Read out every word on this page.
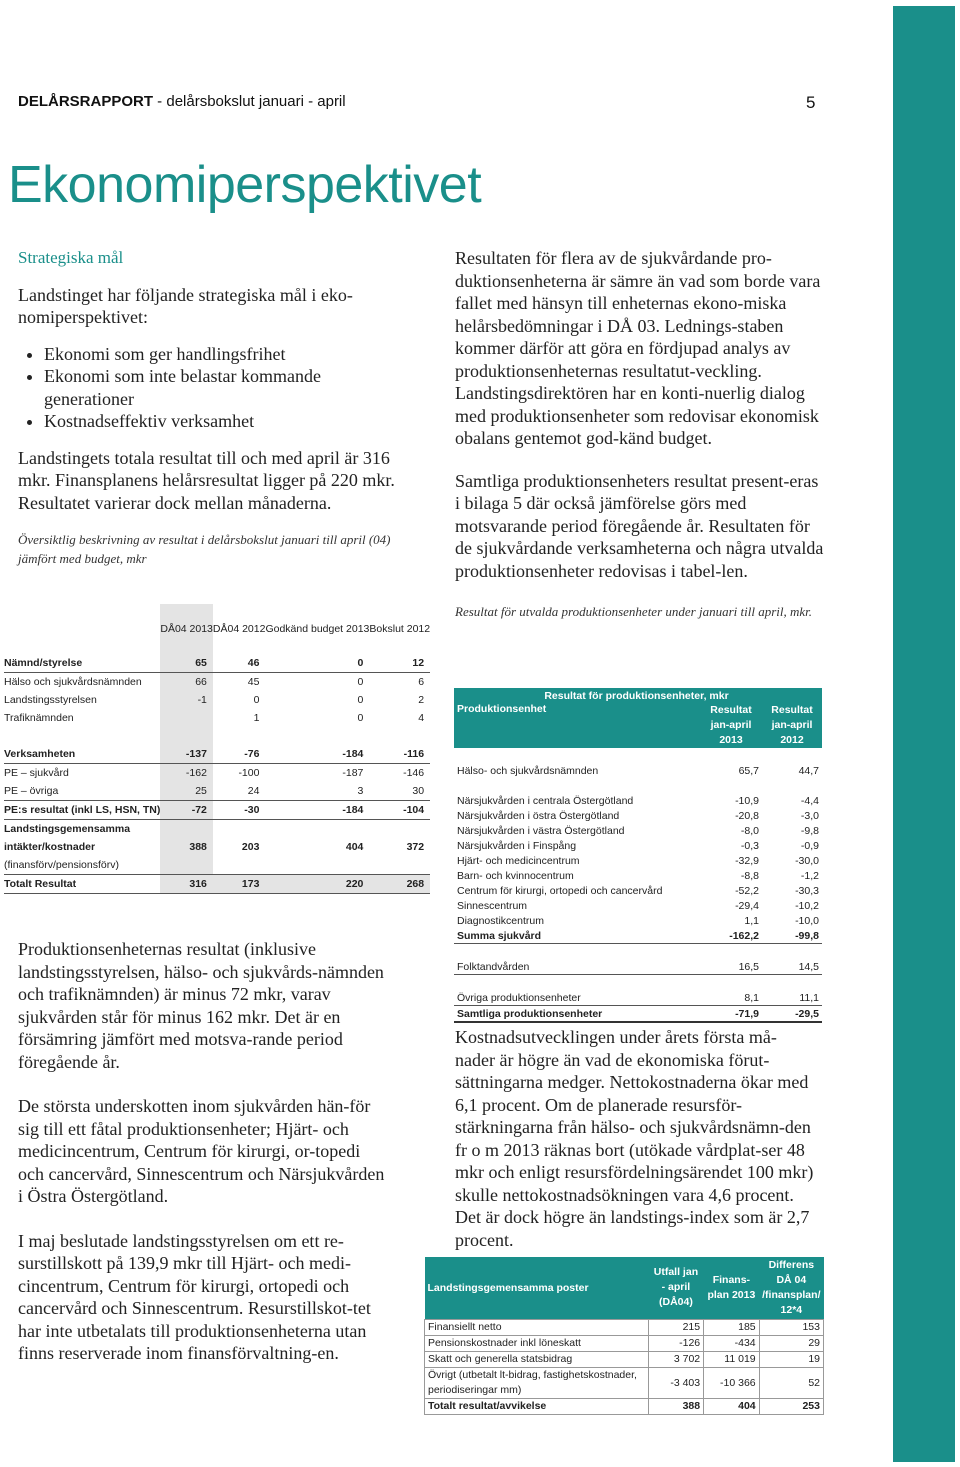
DELÅRSRAPPORT - delårsbokslut januari - april	5
Ekonomiperspektivet

Strategiska mål

Landstinget har följande strategiska mål i eko-nomiperspektivet:

• Ekonomi som ger handlingsfrihet
• Ekonomi som inte belastar kommande generationer
• Kostnadseffektiv verksamhet

Landstingets totala resultat till och med april är 316 mkr. Finansplanens helårsresultat ligger på 220 mkr. Resultatet varierar dock mellan månaderna.

Översiktlig beskrivning av resultat i delårsbokslut januari till april (04) jämfört med budget, mkr

	DÅ04 2013	DÅ04 2012	Godkänd budget 2013	Bokslut 2012
Nämnd/styrelse	65	46	0	12
Hälso och sjukvårdsnämnden	66	45	0	6
Landstingsstyrelsen	-1	0	0	2
Trafiknämnden		1	0	4

Verksamheten	-137	-76	-184	-116
PE – sjukvård	-162	-100	-187	-146
PE – övriga	25	24	3	30
PE:s resultat (inkl LS, HSN, TN)	-72	-30	-184	-104
Landstingsgemensamma				
intäkter/kostnader	388	203	404	372
(finansförv/pensionsförv)				
Totalt Resultat	316	173	220	268

Produktionsenheternas resultat (inklusive landstingsstyrelsen, hälso- och sjukvårds-nämnden och trafiknämnden) är minus 72 mkr, varav sjukvården står för minus 162 mkr. Det är en försämring jämfört med motsva-rande period föregående år.

De största underskotten inom sjukvården hän-för sig till ett fåtal produktionsenheter; Hjärt- och medicincentrum, Centrum för kirurgi, or-topedi och cancervård, Sinnescentrum och Närsjukvården i Östra Östergötland.

I maj beslutade landstingsstyrelsen om ett re-surstillskott på 139,9 mkr till Hjärt- och medi-cincentrum, Centrum för kirurgi, ortopedi och cancervård och Sinnescentrum. Resurstillskot-tet har inte utbetalats till produktionsenheterna utan finns reserverade inom finansförvaltning-en.

Resultaten för flera av de sjukvårdande pro-duktionsenheterna är sämre än vad som borde vara fallet med hänsyn till enheternas ekono-miska helårsbedömningar i DÅ 03. Lednings-staben kommer därför att göra en fördjupad analys av produktionsenheternas resultatut-veckling. Landstingsdirektören har en konti-nuerlig dialog med produktionsenheter som redovisar ekonomisk obalans gentemot god-känd budget.

Samtliga produktionsenheters resultat present-eras i bilaga 5 där också jämförelse görs med motsvarande period föregående år. Resultaten för de sjukvårdande verksamheterna och några utvalda produktionsenheter redovisas i tabel-len.

Resultat för utvalda produktionsenheter under januari till april, mkr.

Resultat för produktionsenheter, mkr		
Produktionsenhet	Resultat jan-april 2013	Resultat jan-april 2012

Hälso- och sjukvårdsnämnden	65,7	44,7

Närsjukvården i centrala Östergötland	-10,9	-4,4
Närsjukvården i östra Östergötland	-20,8	-3,0
Närsjukvården i västra Östergötland	-8,0	-9,8
Närsjukvården i Finspång	-0,3	-0,9
Hjärt- och medicincentrum	-32,9	-30,0
Barn- och kvinnocentrum	-8,8	-1,2
Centrum för kirurgi, ortopedi och cancervård	-52,2	-30,3
Sinnescentrum	-29,4	-10,2
Diagnostikcentrum	1,1	-10,0
Summa sjukvård	-162,2	-99,8

Folktandvården	16,5	14,5

Övriga produktionsenheter	8,1	11,1
Samtliga produktionsenheter	-71,9	-29,5

Kostnadsutvecklingen under årets första må-nader är högre än vad de ekonomiska förut-sättningarna medger. Nettokostnaderna ökar med 6,1 procent. Om de planerade resursför-stärkningarna från hälso- och sjukvårdsnämn-den fr o m 2013 räknas bort (utökade vårdplat-ser 48 mkr och enligt resursfördelningsärendet 100 mkr) skulle nettokostnadsökningen vara 4,6 procent. Det är dock högre än landstings-index som är 2,7 procent.

Landstingsgemensamma poster	Utfall jan - april (DÅ04)	Finans-plan 2013	Differens DÅ 04 /finansplan/ 12*4
Finansiellt netto	215	185	153
Pensionskostnader inkl löneskatt	-126	-434	29
Skatt och generella statsbidrag	3 702	11 019	19
Övrigt (utbetalt lt-bidrag, fastighetskostnader, periodiseringar mm)	-3 403	-10 366	52
Totalt resultat/avvikelse	388	404	253
